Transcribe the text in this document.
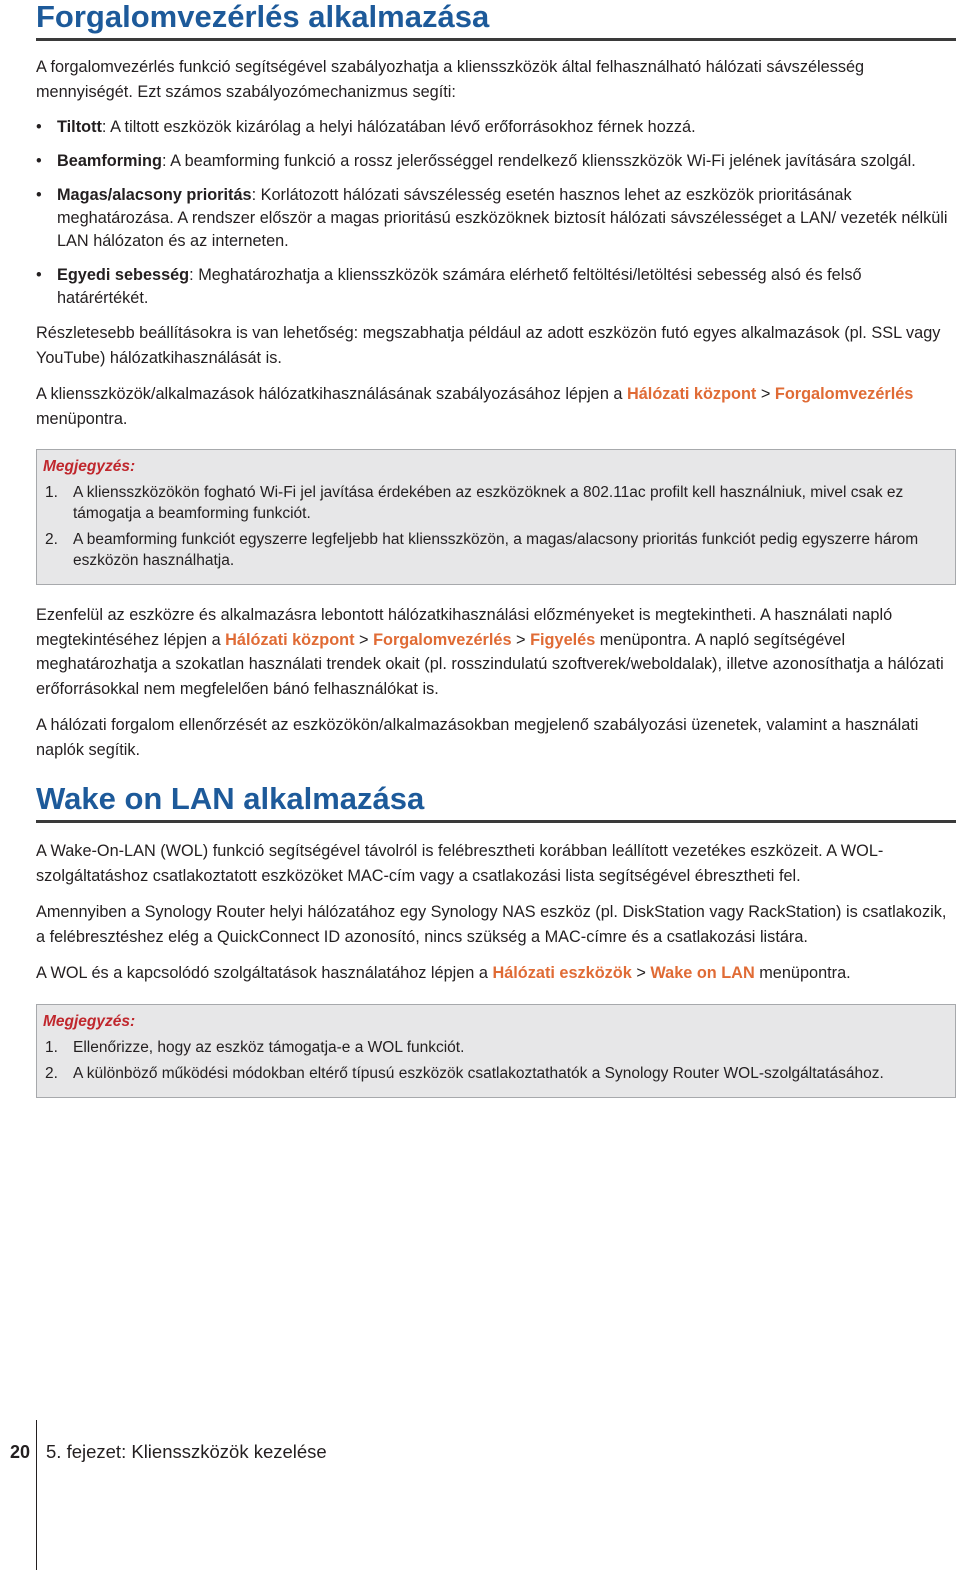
Forgalomvezérlés alkalmazása

A forgalomvezérlés funkció segítségével szabályozhatja a kliensszközök által felhasználható hálózati sávszélesség mennyiségét. Ezt számos szabályozómechanizmus segíti:

• Tiltott: A tiltott eszközök kizárólag a helyi hálózatában lévő erőforrásokhoz férnek hozzá.
• Beamforming: A beamforming funkció a rossz jelerősséggel rendelkező kliensszközök Wi-Fi jelének javítására szolgál.
• Magas/alacsony prioritás: Korlátozott hálózati sávszélesség esetén hasznos lehet az eszközök prioritásának meghatározása. A rendszer először a magas prioritású eszközöknek biztosít hálózati sávszélességet a LAN/ vezeték nélküli LAN hálózaton és az interneten.
• Egyedi sebesség: Meghatározhatja a kliensszközök számára elérhető feltöltési/letöltési sebesség alsó és felső határértékét.

Részletesebb beállításokra is van lehetőség: megszabhatja például az adott eszközön futó egyes alkalmazások (pl. SSL vagy YouTube) hálózatkihasználását is.

A kliensszközök/alkalmazások hálózatkihasználásának szabályozásához lépjen a Hálózati központ > Forgalomvezérlés menüpontra.

Megjegyzés:
1. A kliensszközökön fogható Wi-Fi jel javítása érdekében az eszközöknek a 802.11ac profilt kell használniuk, mivel csak ez támogatja a beamforming funkciót.
2. A beamforming funkciót egyszerre legfeljebb hat kliensszközön, a magas/alacsony prioritás funkciót pedig egyszerre három eszközön használhatja.

Ezenfelül az eszközre és alkalmazásra lebontott hálózatkihasználási előzményeket is megtekintheti. A használati napló megtekintéséhez lépjen a Hálózati központ > Forgalomvezérlés > Figyelés menüpontra. A napló segítségével meghatározhatja a szokatlan használati trendek okait (pl. rosszindulatú szoftverek/weboldalak), illetve azonosíthatja a hálózati erőforrásokkal nem megfelelően bánó felhasználókat is.

A hálózati forgalom ellenőrzését az eszközökön/alkalmazásokban megjelenő szabályozási üzenetek, valamint a használati naplók segítik.

Wake on LAN alkalmazása

A Wake-On-LAN (WOL) funkció segítségével távolról is felébresztheti korábban leállított vezetékes eszközeit. A WOL-szolgáltatáshoz csatlakoztatott eszközöket MAC-cím vagy a csatlakozási lista segítségével ébresztheti fel.

Amennyiben a Synology Router helyi hálózatához egy Synology NAS eszköz (pl. DiskStation vagy RackStation) is csatlakozik, a felébresztéshez elég a QuickConnect ID azonosító, nincs szükség a MAC-címre és a csatlakozási listára.

A WOL és a kapcsolódó szolgáltatások használatához lépjen a Hálózati eszközök > Wake on LAN menüpontra.

Megjegyzés:
1. Ellenőrizze, hogy az eszköz támogatja-e a WOL funkciót.
2. A különböző működési módokban eltérő típusú eszközök csatlakoztathatók a Synology Router WOL-szolgáltatásához.
20 5. fejezet: Kliensszközök kezelése
